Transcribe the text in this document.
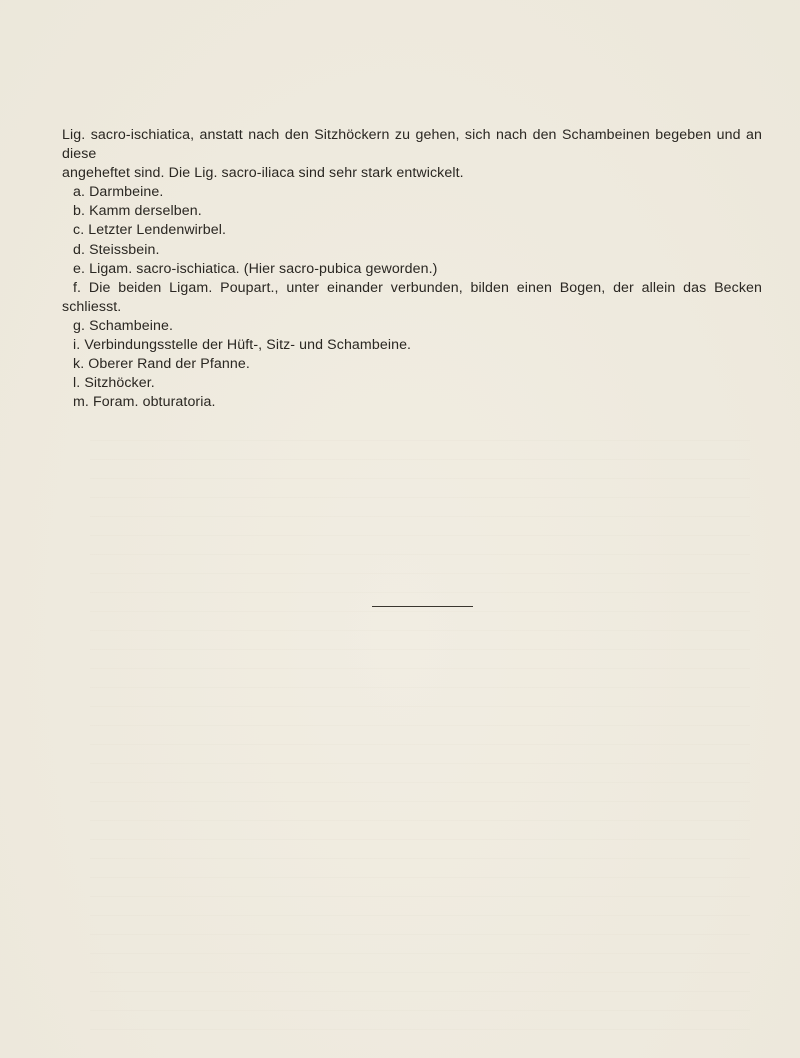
Lig. sacro-ischiatica, anstatt nach den Sitzhöckern zu gehen, sich nach den Schambeinen begeben und an diese
angeheftet sind. Die Lig. sacro-iliaca sind sehr stark entwickelt.

a. Darmbeine.
b. Kamm derselben.
c. Letzter Lendenwirbel.
d. Steissbein.
e. Ligam. sacro-ischiatica. (Hier sacro-pubica geworden.)
f. Die beiden Ligam. Poupart., unter einander verbunden, bilden einen Bogen, der allein das Becken
schliesst.
g. Schambeine.
i. Verbindungsstelle der Hüft-, Sitz- und Schambeine.
k. Oberer Rand der Pfanne.
l. Sitzhöcker.
m. Foram. obturatoria.
